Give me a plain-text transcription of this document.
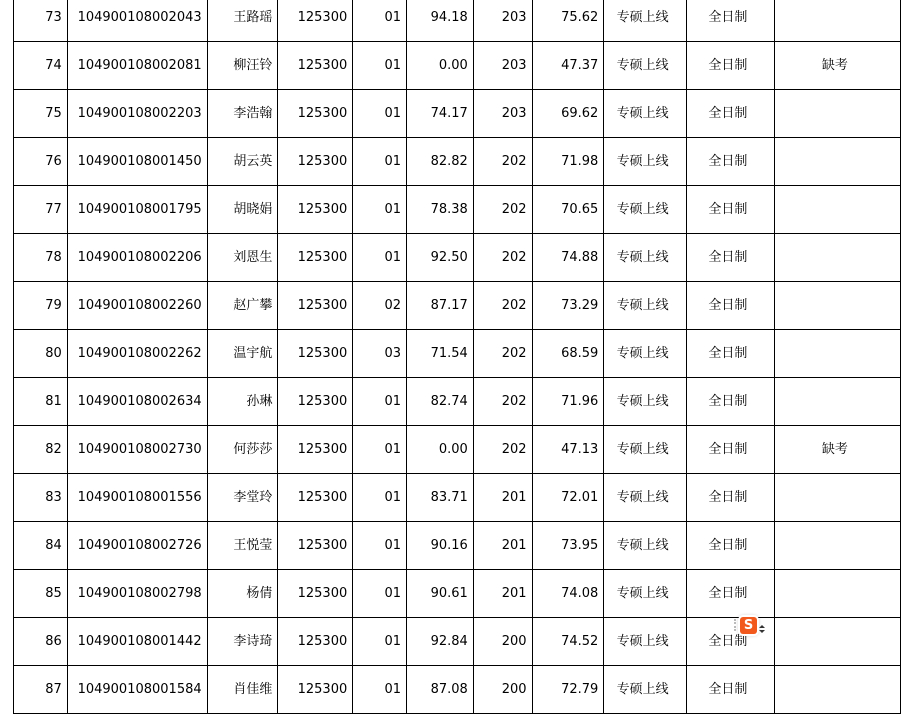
73	104900108002043	王路瑶	125300	01	94.18	203	75.62	专硕上线	全日制	
74	104900108002081	柳汪铃	125300	01	0.00	203	47.37	专硕上线	全日制	缺考
75	104900108002203	李浩翰	125300	01	74.17	203	69.62	专硕上线	全日制	
76	104900108001450	胡云英	125300	01	82.82	202	71.98	专硕上线	全日制	
77	104900108001795	胡晓娟	125300	01	78.38	202	70.65	专硕上线	全日制	
78	104900108002206	刘恩生	125300	01	92.50	202	74.88	专硕上线	全日制	
79	104900108002260	赵广攀	125300	02	87.17	202	73.29	专硕上线	全日制	
80	104900108002262	温宇航	125300	03	71.54	202	68.59	专硕上线	全日制	
81	104900108002634	孙琳	125300	01	82.74	202	71.96	专硕上线	全日制	
82	104900108002730	何莎莎	125300	01	0.00	202	47.13	专硕上线	全日制	缺考
83	104900108001556	李堂玲	125300	01	83.71	201	72.01	专硕上线	全日制	
84	104900108002726	王悦莹	125300	01	90.16	201	73.95	专硕上线	全日制	
85	104900108002798	杨倩	125300	01	90.61	201	74.08	专硕上线	全日制	
86	104900108001442	李诗琦	125300	01	92.84	200	74.52	专硕上线	全日制	
87	104900108001584	肖佳维	125300	01	87.08	200	72.79	专硕上线	全日制	
S
